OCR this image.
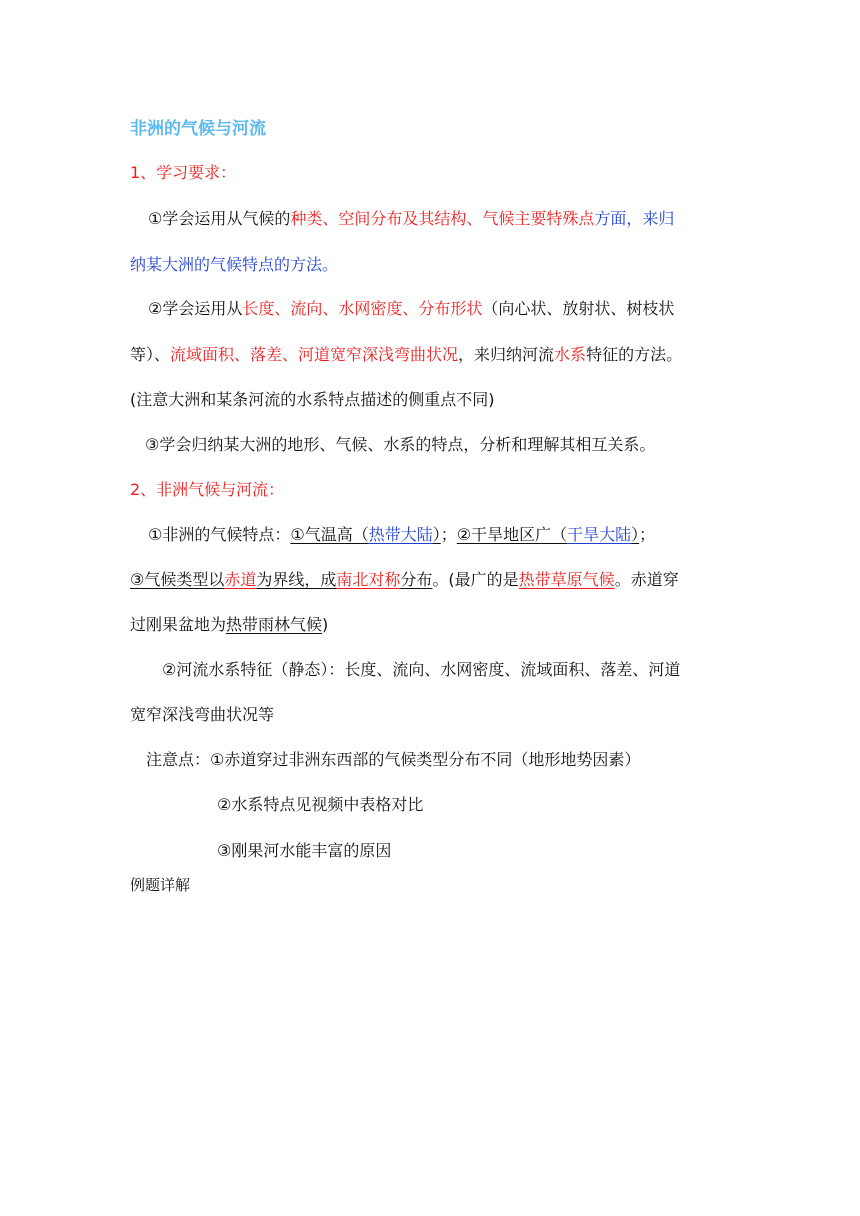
非洲的气候与河流
1、学习要求：
①学会运用从气候的种类、空间分布及其结构、气候主要特殊点方面，来归
纳某大洲的气候特点的方法。
②学会运用从长度、流向、水网密度、分布形状（向心状、放射状、树枝状
等）、流域面积、落差、河道宽窄深浅弯曲状况，来归纳河流水系特征的方法。
(注意大洲和某条河流的水系特点描述的侧重点不同)
③学会归纳某大洲的地形、气候、水系的特点，分析和理解其相互关系。
2、非洲气候与河流：
①非洲的气候特点：①气温高（热带大陆）；②干旱地区广（干旱大陆）；
③气候类型以赤道为界线，成南北对称分布。(最广的是热带草原气候。赤道穿
过刚果盆地为热带雨林气候)
②河流水系特征（静态）：长度、流向、水网密度、流域面积、落差、河道
宽窄深浅弯曲状况等
注意点：①赤道穿过非洲东西部的气候类型分布不同（地形地势因素）
②水系特点见视频中表格对比
③刚果河水能丰富的原因
例题详解
